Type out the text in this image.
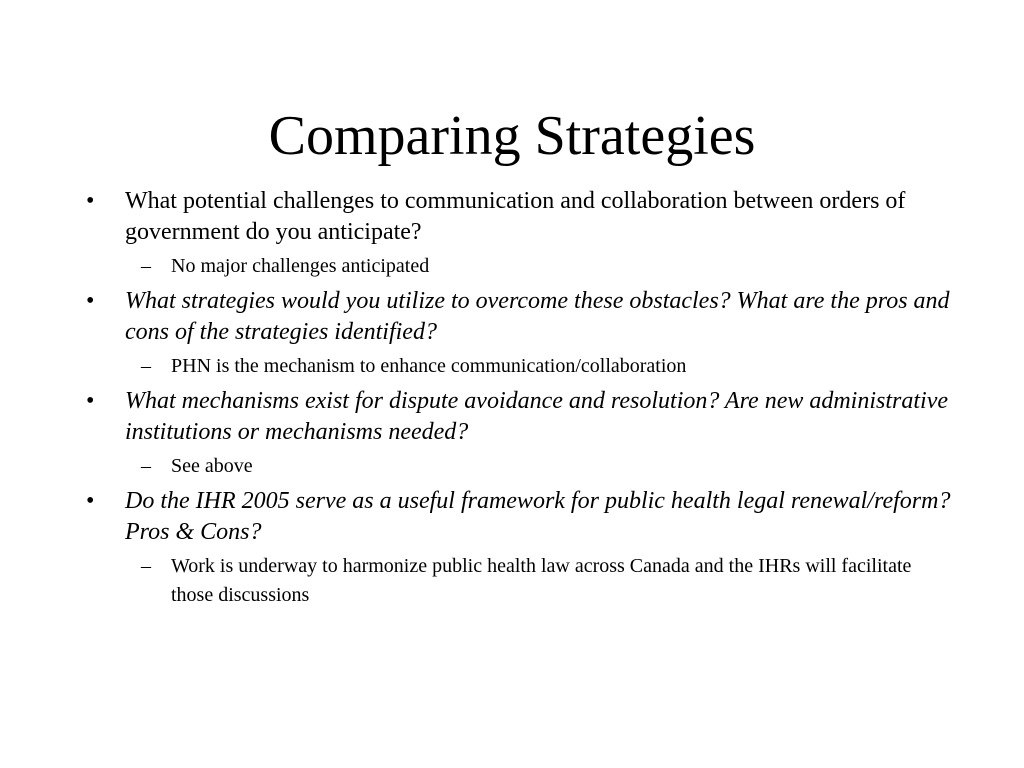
Comparing Strategies
•	What potential challenges to communication and collaboration between orders of government do you anticipate?
– No major challenges anticipated
•	What strategies would you utilize to overcome these obstacles? What are the pros and cons of the strategies identified?
– PHN is the mechanism to enhance communication/collaboration
•	What mechanisms exist for dispute avoidance and resolution? Are new administrative institutions or mechanisms needed?
– See above
•	Do the IHR 2005 serve as a useful framework for public health legal renewal/reform? Pros & Cons?
– Work is underway to harmonize public health law across Canada and the IHRs will facilitate those discussions
